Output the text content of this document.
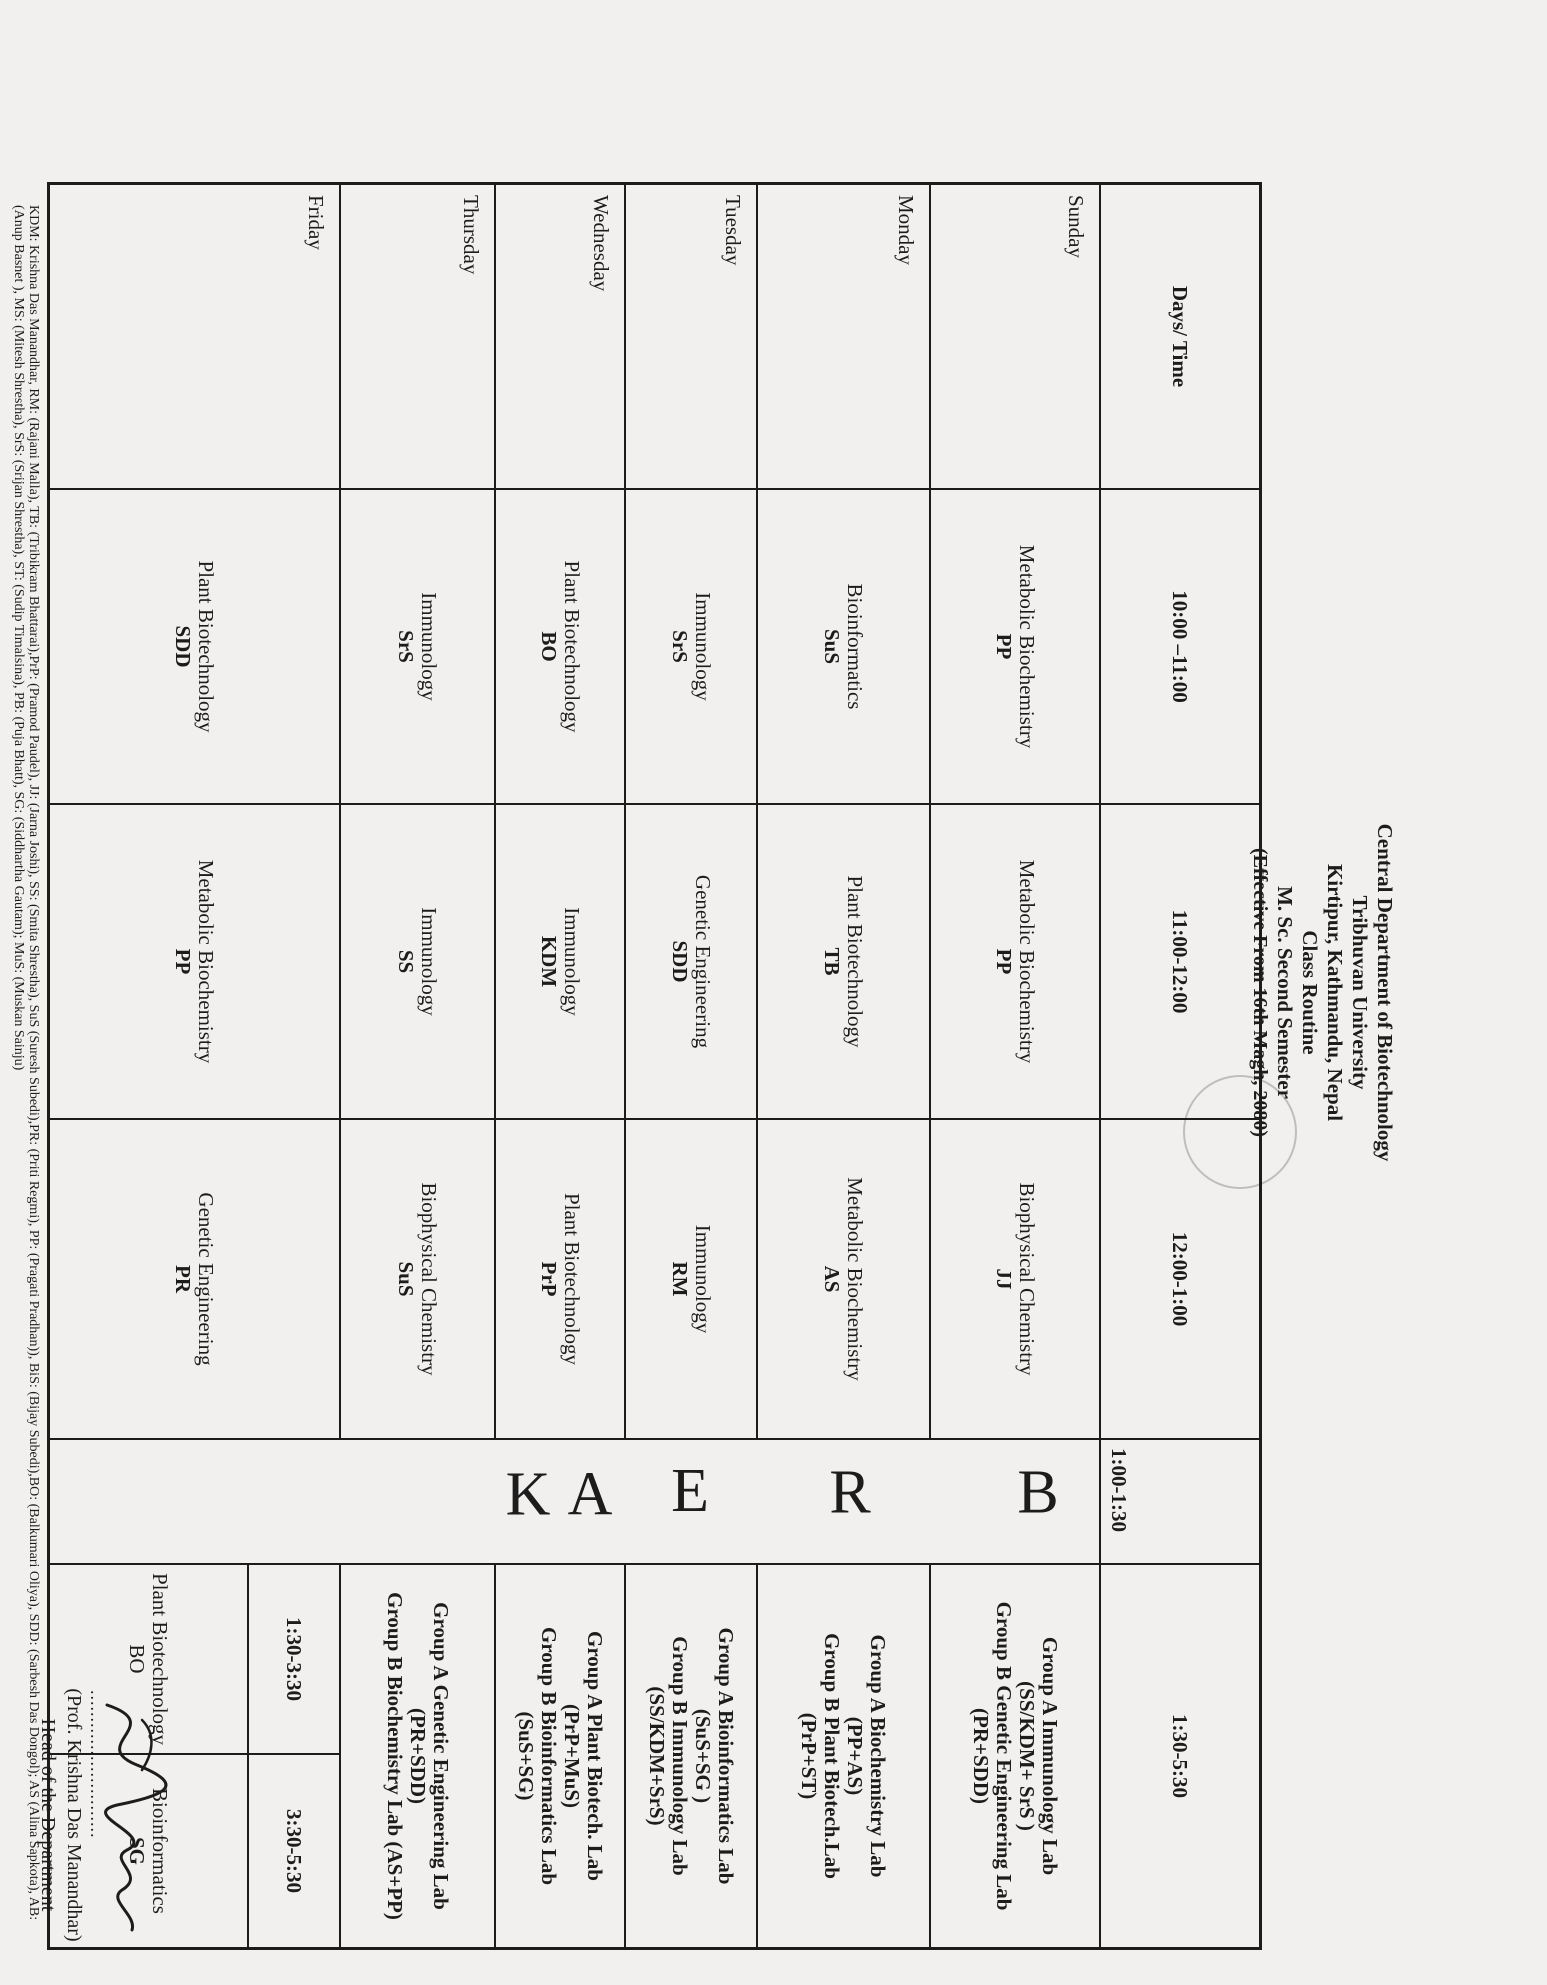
Central Department of Biotechnology
Tribhuvan University
Kirtipur, Kathmandu, Nepal
Class Routine
M. Sc. Second Semester
(Effective From 16th Magh, 2080)
Days/ Time
10:00 –11:00
11:00-12:00
12:00-1:00
1:00-1:30
1:30-5:30
Sunday
Monday
Tuesday
Wednesday
Thursday
Friday
Metabolic Biochemistry
PP
Metabolic Biochemistry
PP
Biophysical Chemistry
JJ
Group A Immunology Lab
(SS/KDM+ SrS )
Group B Genetic Engineering Lab
(PR+SDD)
Bioinformatics
SuS
Plant Biotechnology
TB
Metabolic Biochemistry
AS
Group A Biochemistry Lab
(PP+AS)
Group B Plant Biotech.Lab
(PrP+ST)
Immunology
SrS
Genetic Engineering
SDD
Immunology
RM
Group A Bioinformatics Lab
(SuS+SG )
Group B Immunology Lab
(SS/KDM+SrS)
Plant Biotechnology
BO
Immunology
KDM
Plant Biotechnology
PrP
Group A Plant Biotech. Lab
(PrP+MuS)
Group B Bioinformatics Lab
(SuS+SG)
Immunology
SrS
Immunology
SS
Biophysical Chemistry
SuS
Group A Genetic Engineering Lab
(PR+SDD)
Group B Biochemistry Lab (AS+PP)
Plant Biotechnology
SDD
Metabolic Biochemistry
PP
Genetic Engineering
PR
B
R
E
A
K
1:30-3:30
3:30-5:30
Plant Biotechnology
BO
Bioinformatics
SG
KDM: Krishna Das Manandhar, RM: (Rajani Malla), TB: (Tribikram Bhattarai),PrP: (Pramod Paudel), JJ: (Jarna Joshi), SS: (Smita Shrestha), SuS (Suresh Subedi),PR: (Priti Regmi), PP: (Pragati Pradhan)), BiS: (Bijay Subedi),BO: (Balkumari Oliya), SDD: (Sarbesh Das Dongol); AS (Alina Sapkota), AB: (Anup Basnet ), MS: (Mitesh Shrestha), SrS: (Srijan Shrestha), ST: (Sudip Timalsina), PB: (Puja Bhatt), SG: (Siddhartha Gautam); MuS: (Muskan Sainju)
...........................
(Prof. Krishna Das Manandhar)
Head of the Department
